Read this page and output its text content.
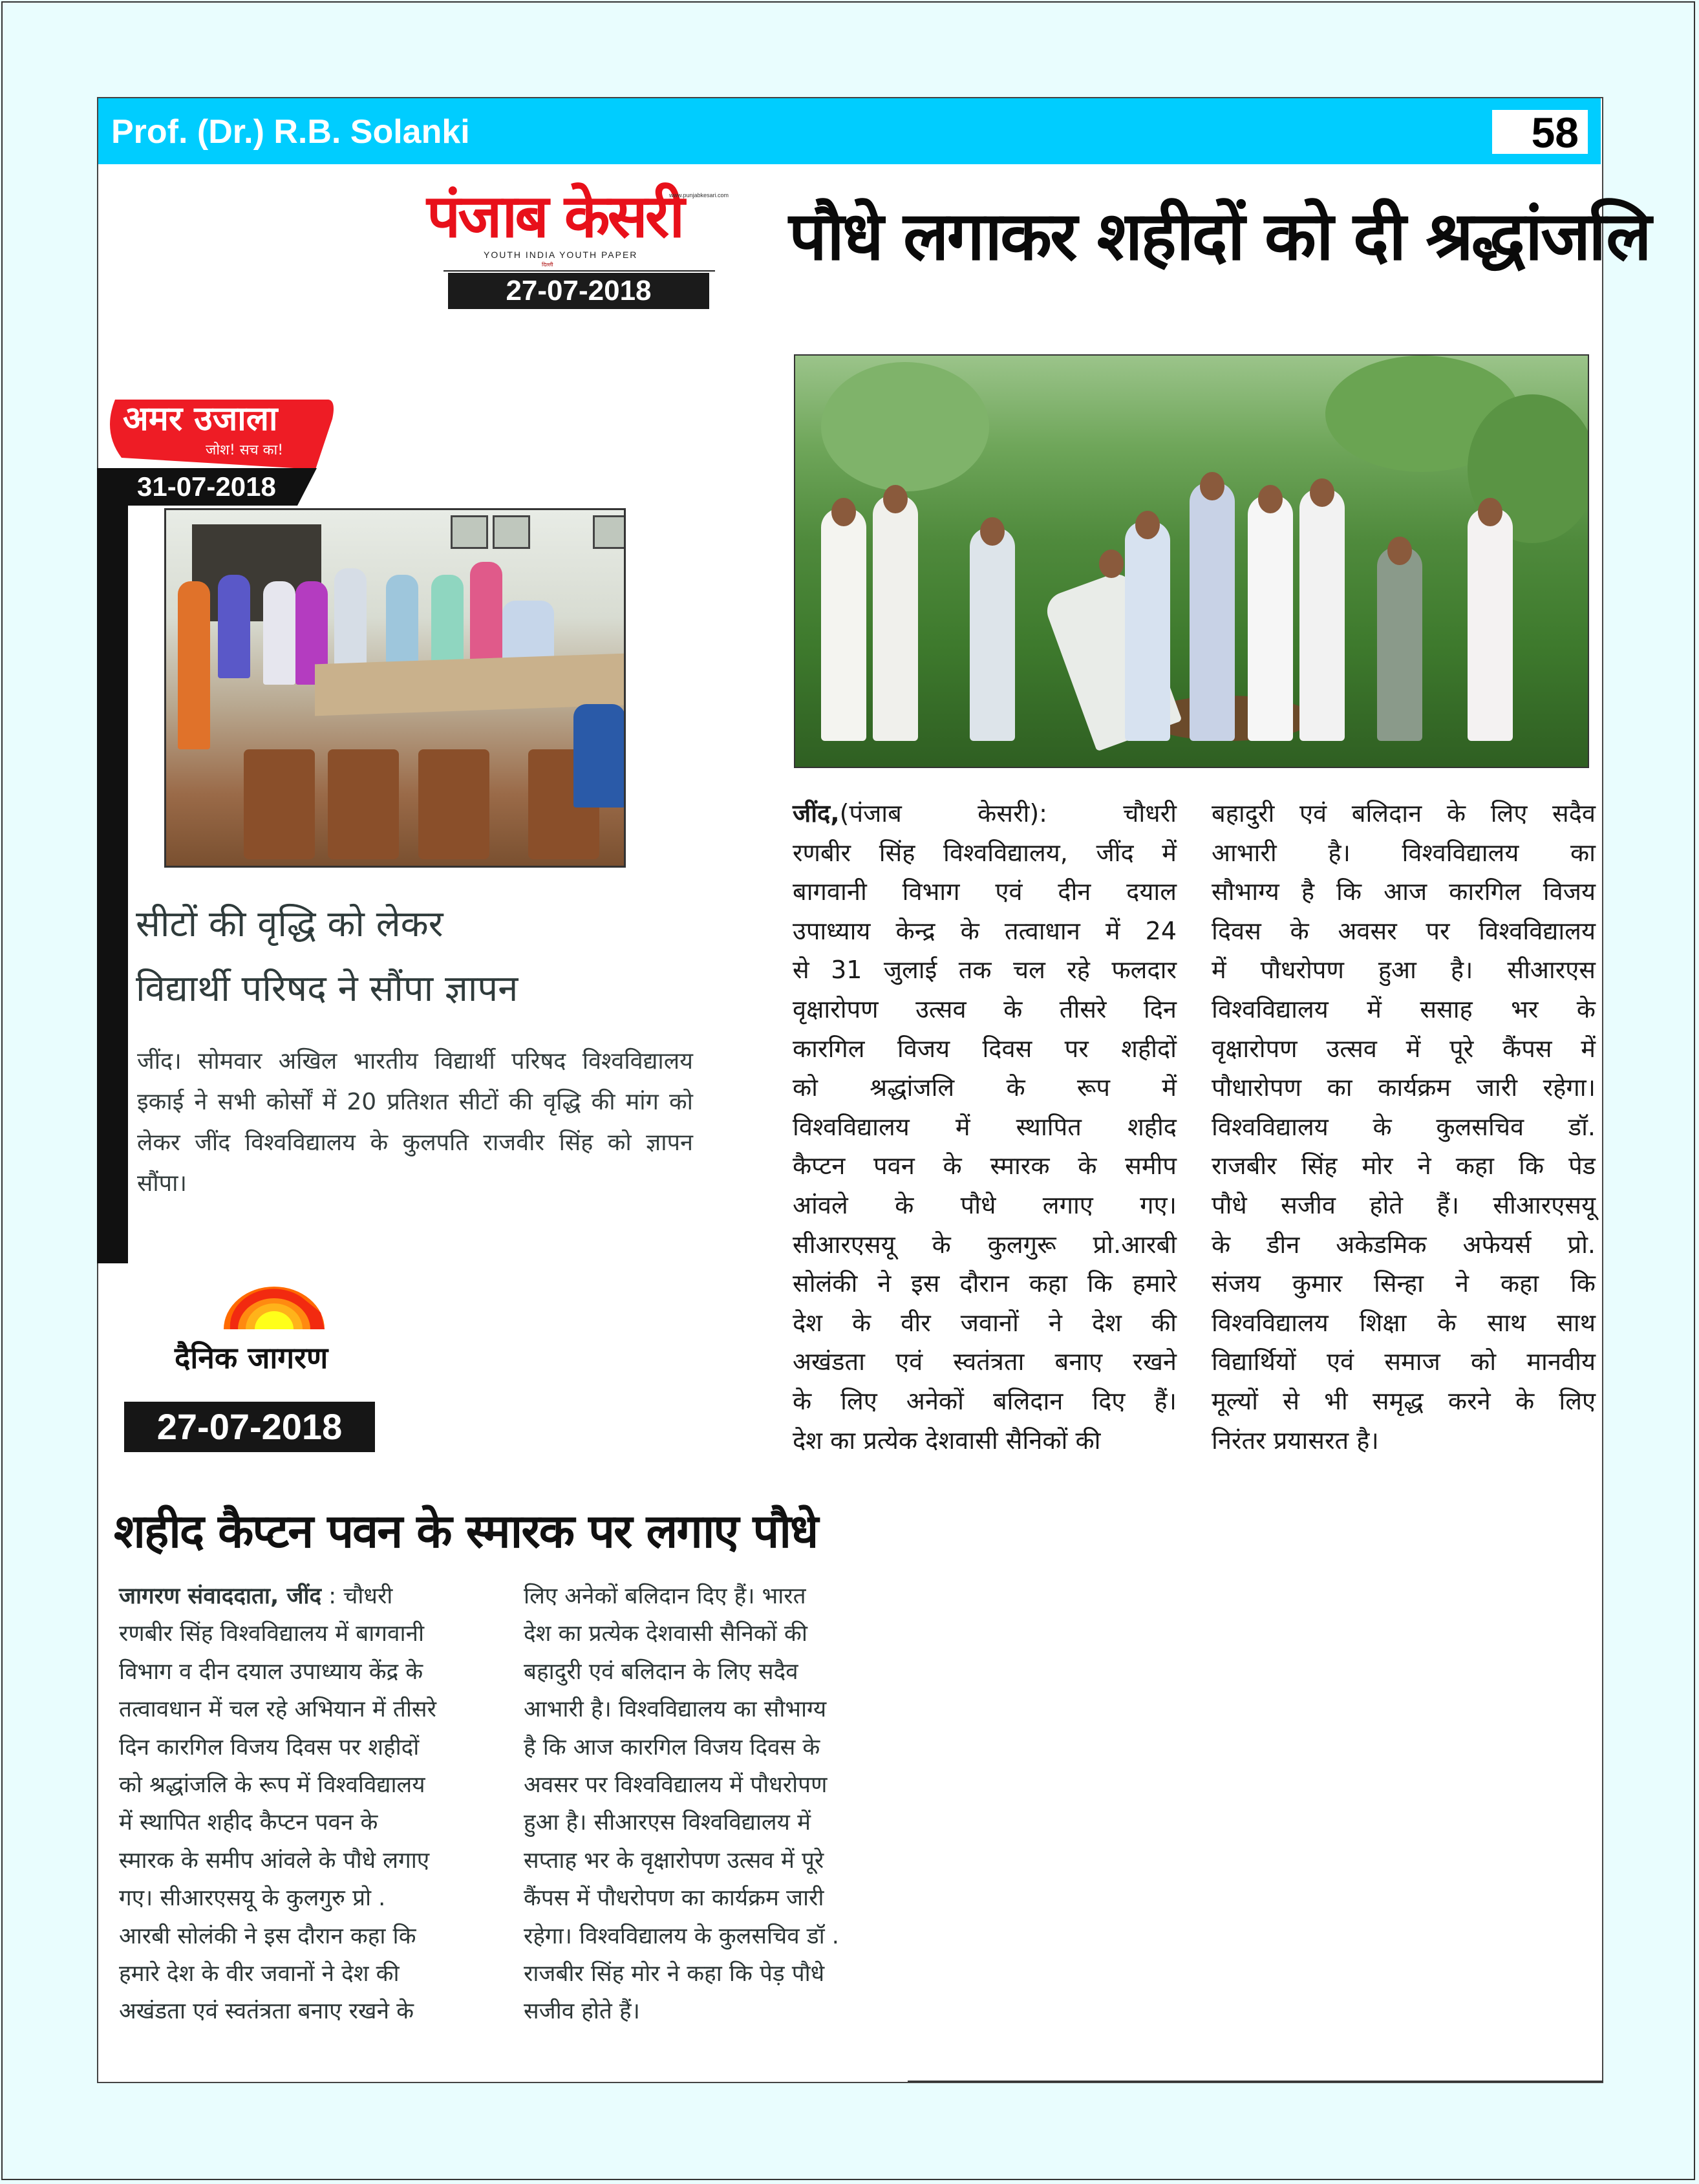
Prof. (Dr.) R.B. Solanki	58
पंजाब केसरी
www.punjabkesari.com
YOUTH INDIA YOUTH PAPER
दिल्ली
27-07-2018
पौधे लगाकर शहीदों को दी श्रद्धांजलि
अमर उजाला
जोश! सच का!
31-07-2018
सीटों की वृद्धि को लेकर
विद्यार्थी परिषद ने सौंपा ज्ञापन
जींद। सोमवार अखिल भारतीय विद्यार्थी परिषद विश्वविद्यालय इकाई ने सभी कोर्सों में 20 प्रतिशत सीटों की वृद्धि की मांग को लेकर जींद विश्वविद्यालय के कुलपति राजवीर सिंह को ज्ञापन सौंपा।
दैनिक जागरण
27-07-2018
जींद,(पंजाब केसरी): चौधरी
रणबीर सिंह विश्वविद्यालय, जींद में
बागवानी विभाग एवं दीन दयाल
उपाध्याय केन्द्र के तत्वाधान में 24
से 31 जुलाई तक चल रहे फलदार
वृक्षारोपण उत्सव के तीसरे दिन
कारगिल विजय दिवस पर शहीदों
को श्रद्धांजलि के रूप में
विश्वविद्यालय में स्थापित शहीद
कैप्टन पवन के स्मारक के समीप
आंवले के पौधे लगाए गए।
सीआरएसयू के कुलगुरू प्रो.आरबी
सोलंकी ने इस दौरान कहा कि हमारे
देश के वीर जवानों ने देश की
अखंडता एवं स्वतंत्रता बनाए रखने
के लिए अनेकों बलिदान दिए हैं।
देश का प्रत्येक देशवासी सैनिकों की
बहादुरी एवं बलिदान के लिए सदैव
आभारी है। विश्वविद्यालय का
सौभाग्य है कि आज कारगिल विजय
दिवस के अवसर पर विश्वविद्यालय
में पौधरोपण हुआ है। सीआरएस
विश्वविद्यालय में ससाह भर के
वृक्षारोपण उत्सव में पूरे कैंपस में
पौधारोपण का कार्यक्रम जारी रहेगा।
विश्वविद्यालय के कुलसचिव डॉ.
राजबीर सिंह मोर ने कहा कि पेड
पौधे सजीव होते हैं। सीआरएसयू
के डीन अकेडमिक अफेयर्स प्रो.
संजय कुमार सिन्हा ने कहा कि
विश्वविद्यालय शिक्षा के साथ साथ
विद्यार्थियों एवं समाज को मानवीय
मूल्यों से भी समृद्ध करने के लिए
निरंतर प्रयासरत है।
शहीद कैप्टन पवन के स्मारक पर लगाए पौधे
जागरण संवाददाता, जींद : चौधरी
रणबीर सिंह विश्वविद्यालय में बागवानी
विभाग व दीन दयाल उपाध्याय केंद्र के
तत्वावधान में चल रहे अभियान में तीसरे
दिन कारगिल विजय दिवस पर शहीदों
को श्रद्धांजलि के रूप में विश्वविद्यालय
में स्थापित शहीद कैप्टन पवन के
स्मारक के समीप आंवले के पौधे लगाए
गए। सीआरएसयू के कुलगुरु प्रो .
आरबी सोलंकी ने इस दौरान कहा कि
हमारे देश के वीर जवानों ने देश की
अखंडता एवं स्वतंत्रता बनाए रखने के
लिए अनेकों बलिदान दिए हैं। भारत
देश का प्रत्येक देशवासी सैनिकों की
बहादुरी एवं बलिदान के लिए सदैव
आभारी है। विश्वविद्यालय का सौभाग्य
है कि आज कारगिल विजय दिवस के
अवसर पर विश्वविद्यालय में पौधरोपण
हुआ है। सीआरएस विश्वविद्यालय में
सप्ताह भर के वृक्षारोपण उत्सव में पूरे
कैंपस में पौधरोपण का कार्यक्रम जारी
रहेगा। विश्वविद्यालय के कुलसचिव डॉ .
राजबीर सिंह मोर ने कहा कि पेड़ पौधे
सजीव होते हैं।
